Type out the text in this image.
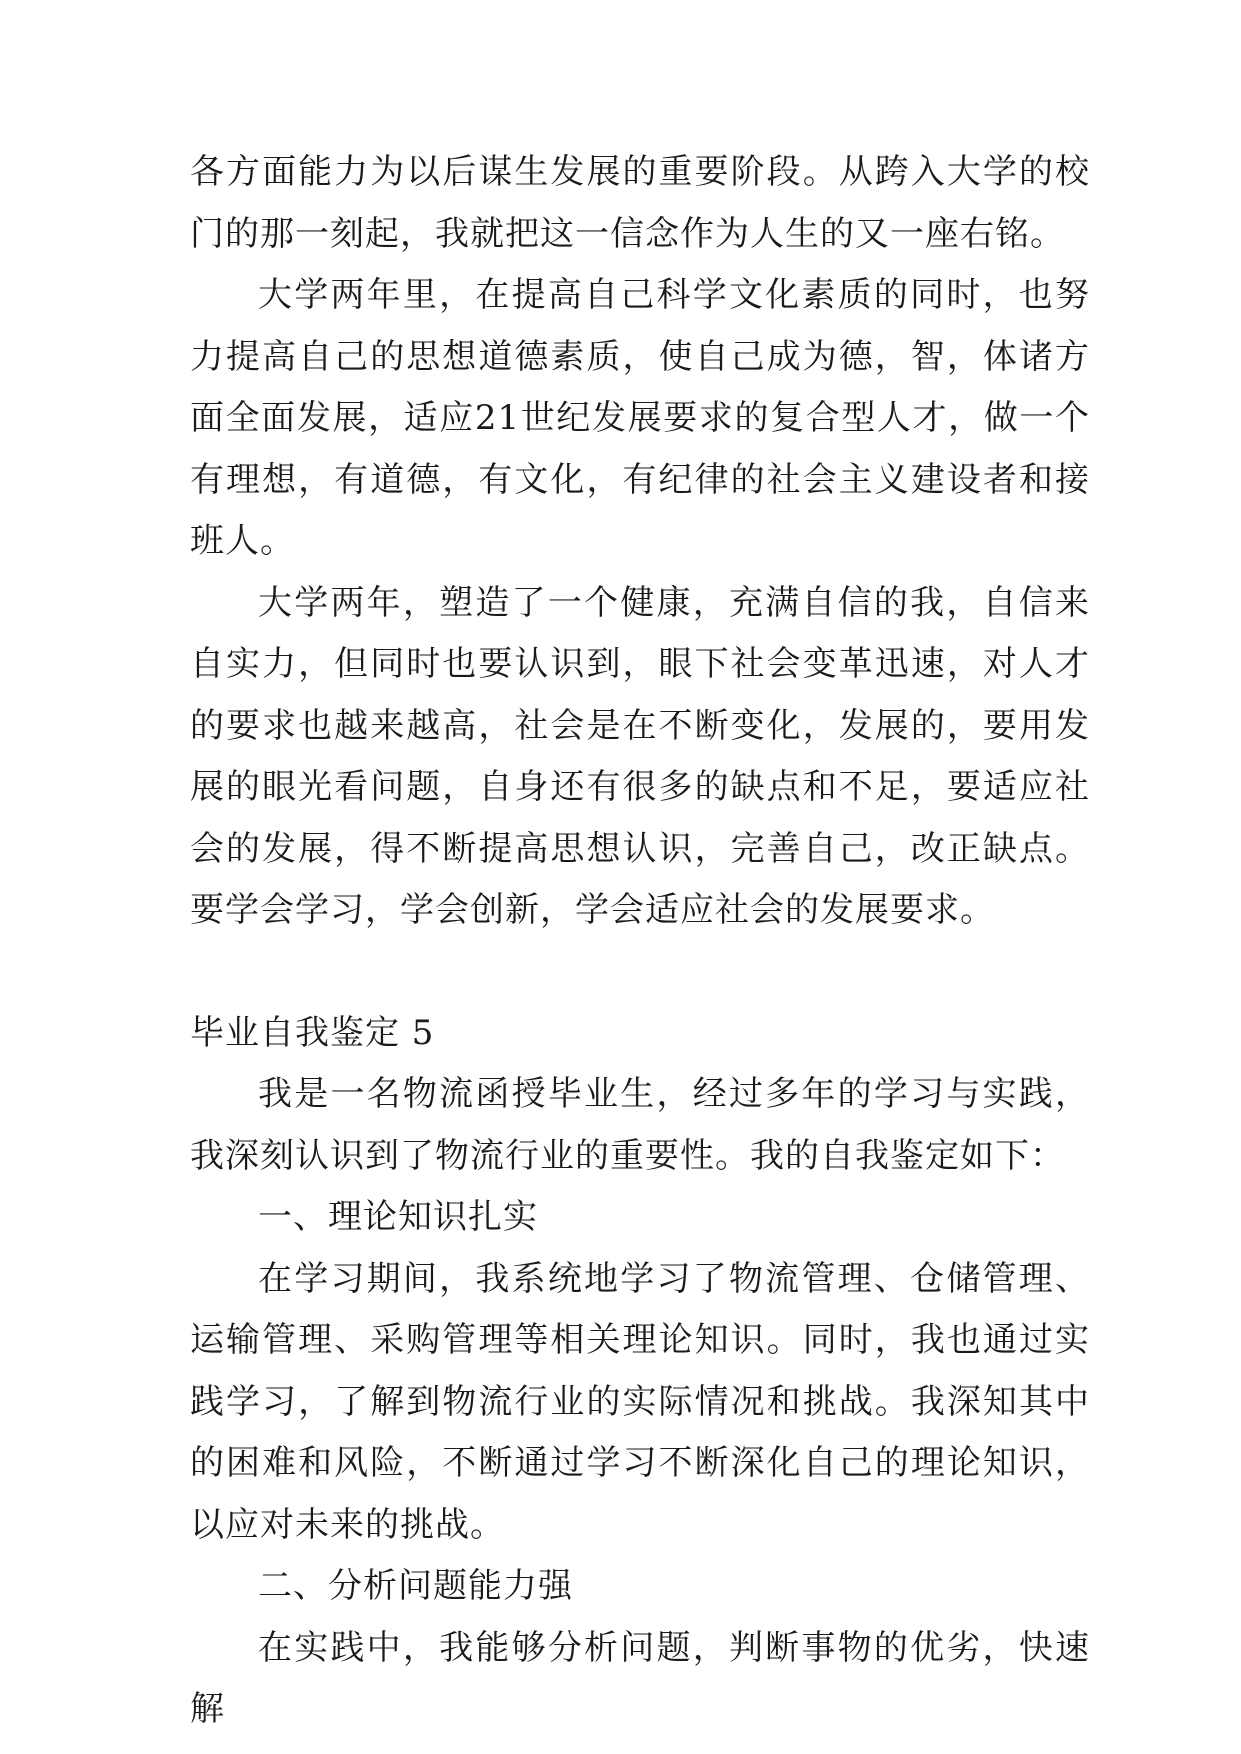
各方面能力为以后谋生发展的重要阶段。从跨入大学的校门的那一刻起，我就把这一信念作为人生的又一座右铭。

大学两年里，在提高自己科学文化素质的同时，也努力提高自己的思想道德素质，使自己成为德，智，体诸方面全面发展，适应21世纪发展要求的复合型人才，做一个有理想，有道德，有文化，有纪律的社会主义建设者和接班人。

大学两年，塑造了一个健康，充满自信的我，自信来自实力，但同时也要认识到，眼下社会变革迅速，对人才的要求也越来越高，社会是在不断变化，发展的，要用发展的眼光看问题，自身还有很多的缺点和不足，要适应社会的发展，得不断提高思想认识，完善自己，改正缺点。要学会学习，学会创新，学会适应社会的发展要求。

毕业自我鉴定 5

我是一名物流函授毕业生，经过多年的学习与实践，我深刻认识到了物流行业的重要性。我的自我鉴定如下：

一、理论知识扎实

在学习期间，我系统地学习了物流管理、仓储管理、运输管理、采购管理等相关理论知识。同时，我也通过实践学习，了解到物流行业的实际情况和挑战。我深知其中的困难和风险，不断通过学习不断深化自己的理论知识，以应对未来的挑战。

二、分析问题能力强

在实践中，我能够分析问题，判断事物的优劣，快速解
